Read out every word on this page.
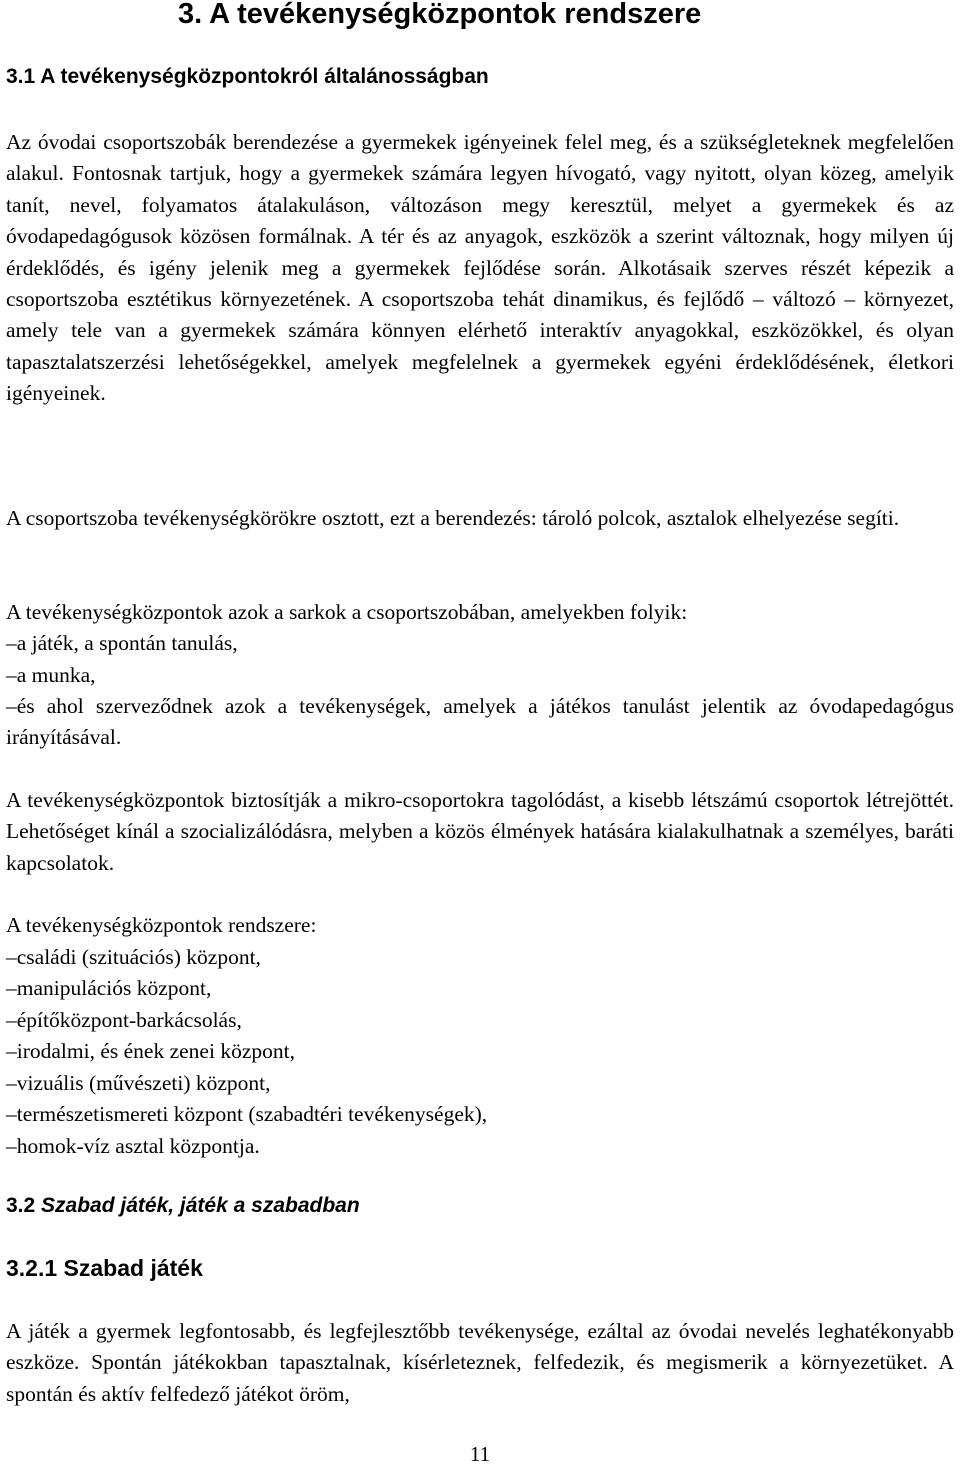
3. A tevékenységközpontok rendszere
3.1 A tevékenységközpontokról általánosságban

Az óvodai csoportszobák berendezése a gyermekek igényeinek felel meg, és a szükségleteknek megfelelően alakul. Fontosnak tartjuk, hogy a gyermekek számára legyen hívogató, vagy nyitott, olyan közeg, amelyik tanít, nevel, folyamatos átalakuláson, változáson megy keresztül, melyet a gyermekek és az óvodapedagógusok közösen formálnak. A tér és az anyagok, eszközök a szerint változnak, hogy milyen új érdeklődés, és igény jelenik meg a gyermekek fejlődése során. Alkotásaik szerves részét képezik a csoportszoba esztétikus környezetének. A csoportszoba tehát dinamikus, és fejlődő – változó – környezet, amely tele van a gyermekek számára könnyen elérhető interaktív anyagokkal, eszközökkel, és olyan tapasztalatszerzési lehetőségekkel, amelyek megfelelnek a gyermekek egyéni érdeklődésének, életkori igényeinek.

A csoportszoba tevékenységkörökre osztott, ezt a berendezés: tároló polcok, asztalok elhelyezése segíti.

A tevékenységközpontok azok a sarkok a csoportszobában, amelyekben folyik:

–a játék, a spontán tanulás,

–a munka,

–és ahol szerveződnek azok a tevékenységek, amelyek a játékos tanulást jelentik az óvodapedagógus irányításával.

A tevékenységközpontok biztosítják a mikro-csoportokra tagolódást, a kisebb létszámú csoportok létrejöttét. Lehetőséget kínál a szocializálódásra, melyben a közös élmények hatására kialakulhatnak a személyes, baráti kapcsolatok.

A tevékenységközpontok rendszere:

–családi (szituációs) központ,

–manipulációs központ,

–építőközpont-barkácsolás,

–irodalmi, és ének zenei központ,

–vizuális (művészeti) központ,

–természetismereti központ (szabadtéri tevékenységek),

–homok-víz asztal központja.

3.2 Szabad játék, játék a szabadban
3.2.1 Szabad játék

A játék a gyermek legfontosabb, és legfejlesztőbb tevékenysége, ezáltal az óvodai nevelés leghatékonyabb eszköze. Spontán játékokban tapasztalnak, kísérleteznek, felfedezik, és megismerik a környezetüket. A spontán és aktív felfedező játékot öröm,

11
